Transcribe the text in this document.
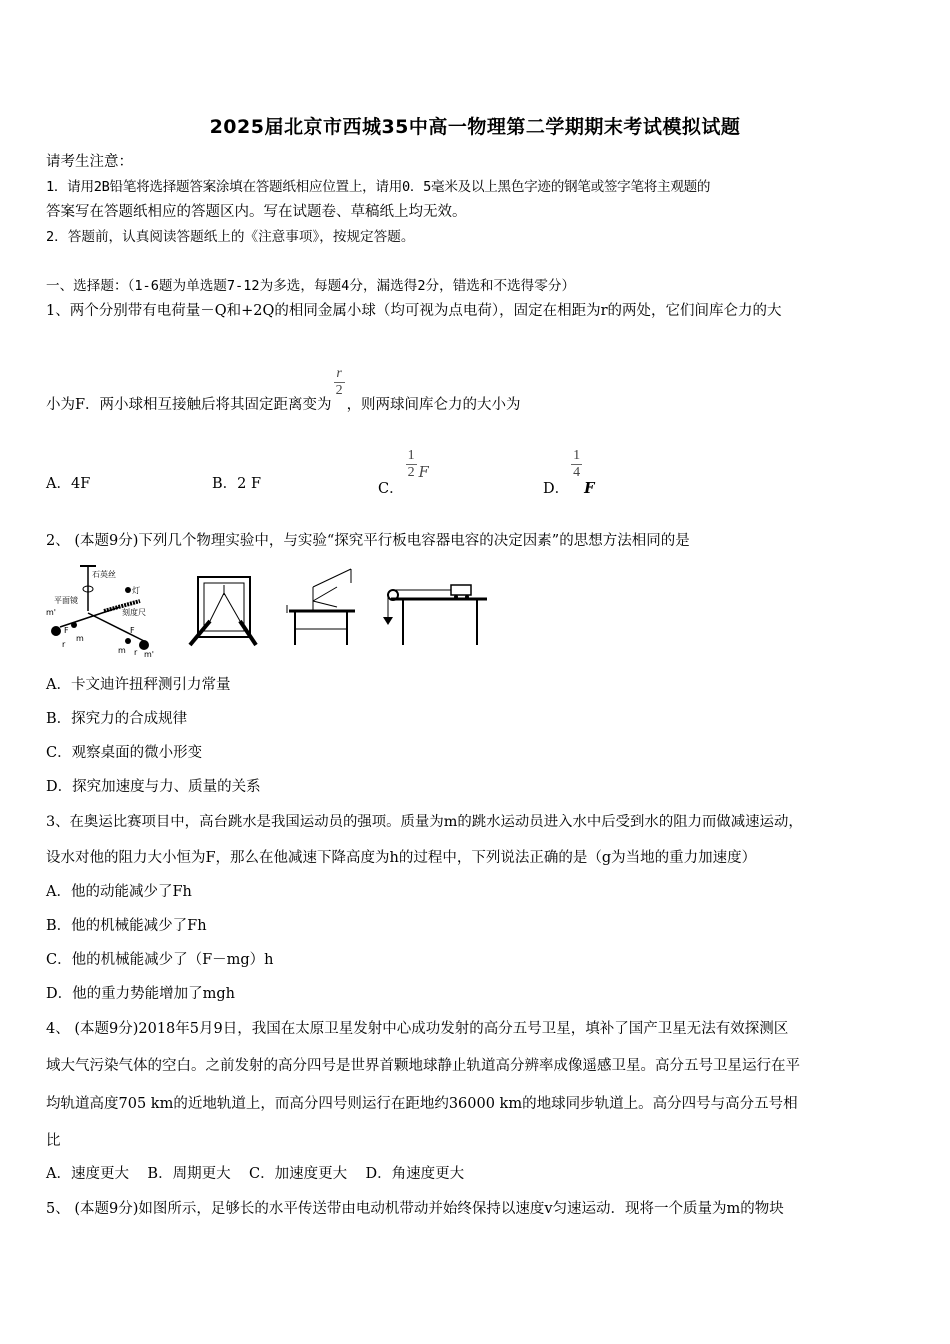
2025届北京市西城35中高一物理第二学期期末考试模拟试题
请考生注意：
1．请用2B铅笔将选择题答案涂填在答题纸相应位置上，请用0．5毫米及以上黑色字迹的钢笔或签字笔将主观题的
答案写在答题纸相应的答题区内。写在试题卷、草稿纸上均无效。
2．答题前，认真阅读答题纸上的《注意事项》，按规定答题。
一、选择题：（1-6题为单选题7-12为多选，每题4分，漏选得2分，错选和不选得零分）
1、两个分别带有电荷量－Q和+2Q的相同金属小球（均可视为点电荷），固定在相距为r的两处，它们间库仑力的大
小为F．两小球相互接触后将其固定距离变为
$\frac{r}{2}$
，则两球间库仑力的大小为
A．4F	B．2 F	C．
$\frac{1}{2}$ F
D．
$\frac{1}{4}$
F
2、 (本题9分)下列几个物理实验中，与实验“探究平行板电容器电容的决定因素”的思想方法相同的是
石英丝
平面镜
灯
刻度尺
m'
m
F
r
F
m r m'
A．卡文迪许扭秤测引力常量
B．探究力的合成规律
C．观察桌面的微小形变
D．探究加速度与力、质量的关系
3、在奥运比赛项目中，高台跳水是我国运动员的强项。质量为m的跳水运动员进入水中后受到水的阻力而做减速运动，
设水对他的阻力大小恒为F，那么在他减速下降高度为h的过程中，下列说法正确的是（g为当地的重力加速度）
A．他的动能减少了Fh
B．他的机械能减少了Fh
C．他的机械能减少了（F－mg）h
D．他的重力势能增加了mgh
4、 (本题9分)2018年5月9日，我国在太原卫星发射中心成功发射的高分五号卫星，填补了国产卫星无法有效探测区
域大气污染气体的空白。之前发射的高分四号是世界首颗地球静止轨道高分辨率成像遥感卫星。高分五号卫星运行在平
均轨道高度705 km的近地轨道上，而高分四号则运行在距地约36000 km的地球同步轨道上。高分四号与高分五号相
比
A．速度更大    B．周期更大    C．加速度更大    D．角速度更大
5、 (本题9分)如图所示，足够长的水平传送带由电动机带动并始终保持以速度v匀速运动．现将一个质量为m的物块
